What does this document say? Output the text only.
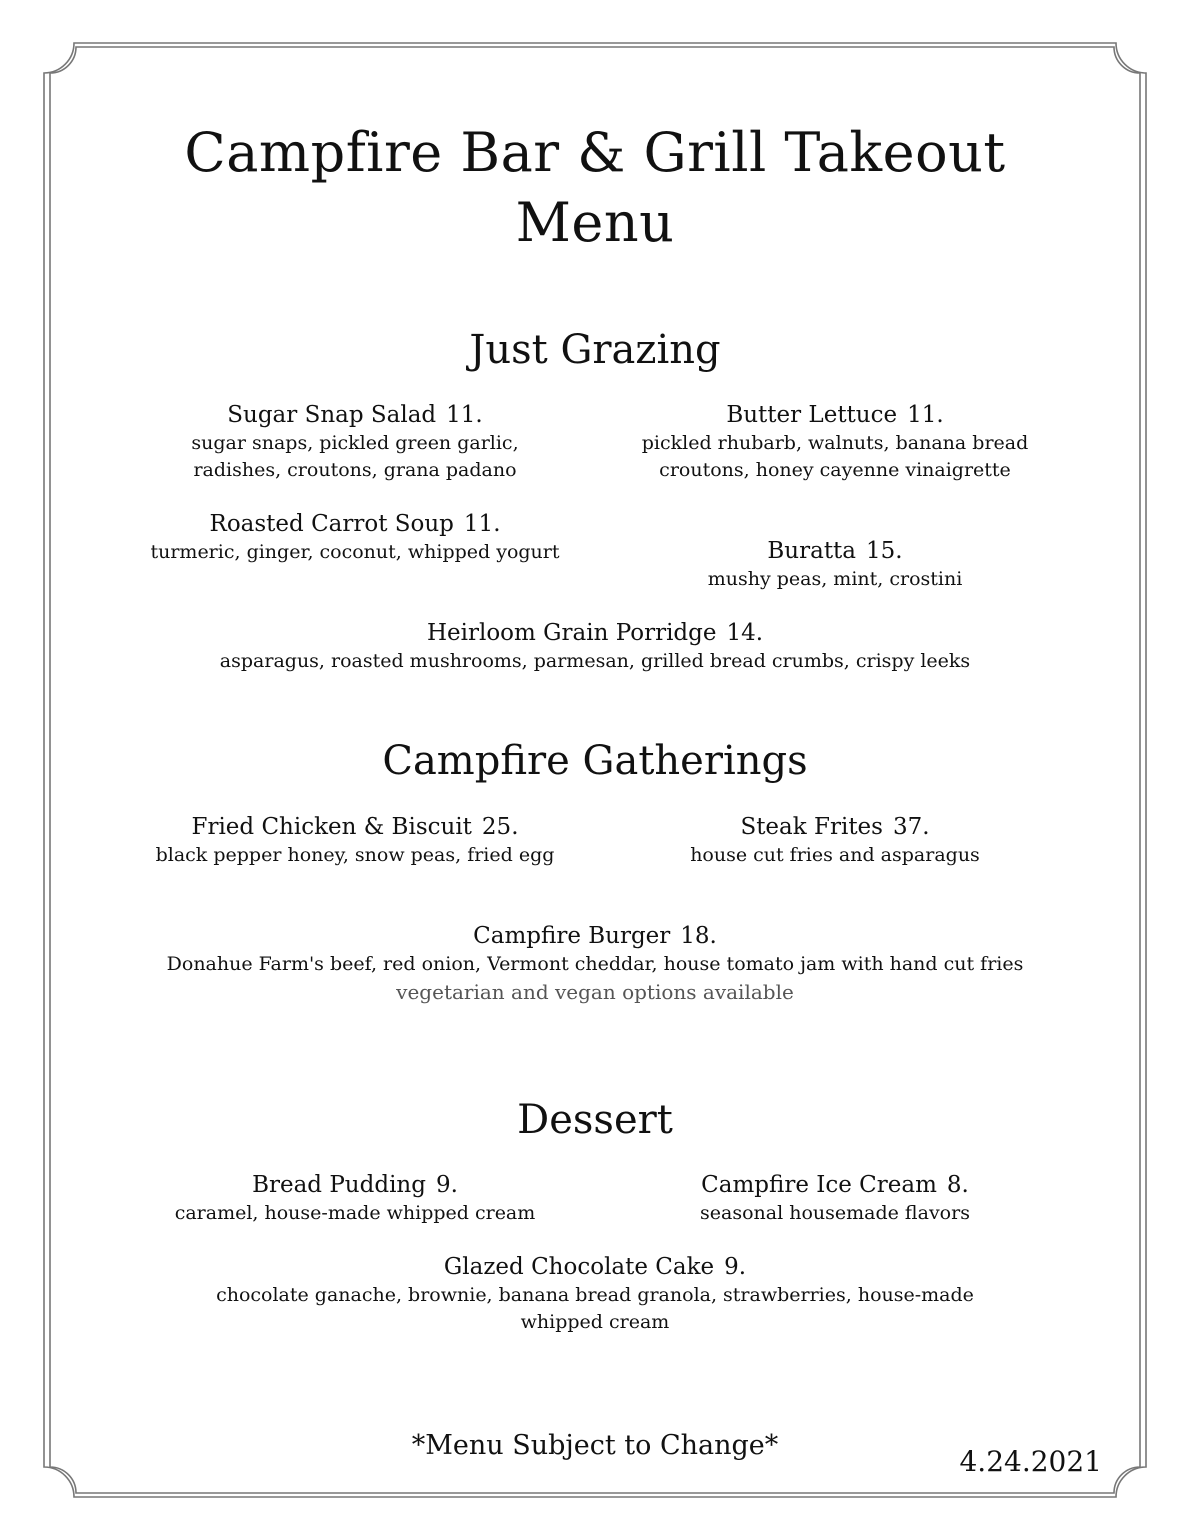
Campfire Bar & Grill Takeout Menu
Just Grazing
Sugar Snap Salad 11.
sugar snaps, pickled green garlic, radishes, croutons, grana padano
Butter Lettuce 11.
pickled rhubarb, walnuts, banana bread croutons, honey cayenne vinaigrette
Roasted Carrot Soup 11.
turmeric, ginger, coconut, whipped yogurt	Buratta 15.
mushy peas, mint, crostini
Heirloom Grain Porridge 14.
asparagus, roasted mushrooms, parmesan, grilled bread crumbs, crispy leeks
Campfire Gatherings
Fried Chicken & Biscuit 25.
black pepper honey, snow peas, fried egg
Steak Frites 37.
house cut fries and asparagus
Campfire Burger 18.
Donahue Farm's beef, red onion, Vermont cheddar, house tomato jam with hand cut fries
vegetarian and vegan options available
Dessert
Bread Pudding 9.
caramel, house-made whipped cream
Campfire Ice Cream 8.
seasonal housemade flavors
Glazed Chocolate Cake 9.
chocolate ganache, brownie, banana bread granola, strawberries, house-made whipped cream
*Menu Subject to Change*	4.24.2021
